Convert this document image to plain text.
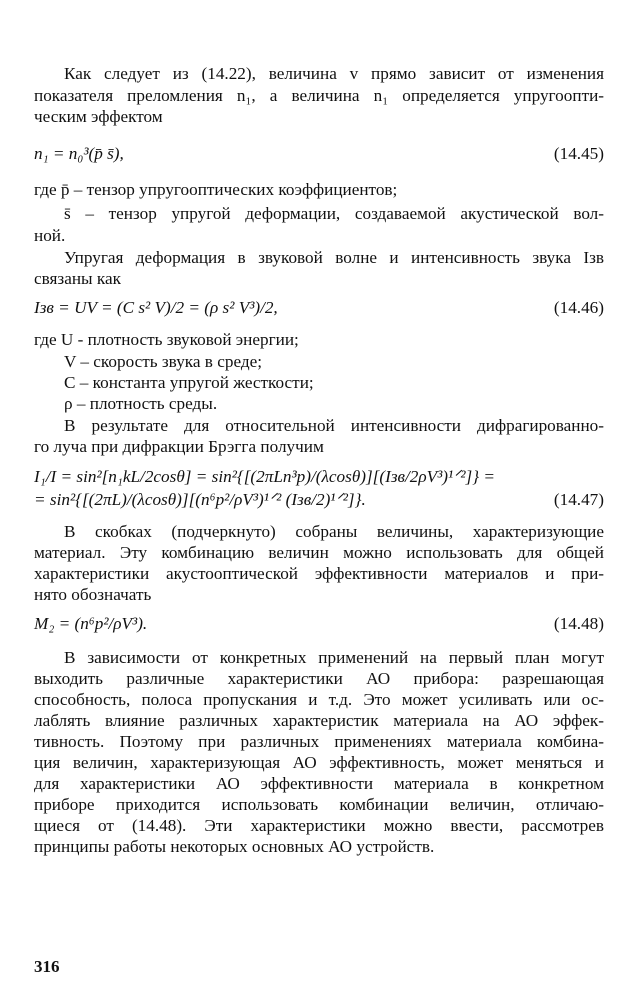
Как следует из (14.22), величина v прямо зависит от изменения
показателя преломления n₁, а величина n₁ определяется упругоопти-
ческим эффектом
n₁ = n₀³(p̄ s̄),	(14.45)
где p̄ – тензор упругооптических коэффициентов;
s̄ – тензор упругой деформации, создаваемой акустической вол-
ной.
Упругая деформация в звуковой волне и интенсивность звука Iзв
связаны как
Iзв = UV = (C s² V)/2 = (ρ s² V³)/2,	(14.46)
где U - плотность звуковой энергии;
V – скорость звука в среде;
C – константа упругой жесткости;
ρ – плотность среды.
В результате для относительной интенсивности дифрагированно-
го луча при дифракции Брэгга получим
I₁/I = sin²[n₁kL/2cosθ] = sin²{[(2πLn³p)/(λcosθ)][(Iзв/2ρV³)¹ᐟ²]} =
= sin²{[(2πL)/(λcosθ)][(n⁶p²/ρV³)¹ᐟ² (Iзв/2)¹ᐟ²]}.	(14.47)
В скобках (подчеркнуто) собраны величины, характеризующие
материал. Эту комбинацию величин можно использовать для общей
характеристики акустооптической эффективности материалов и при-
нято обозначать
M₂ = (n⁶p²/ρV³).	(14.48)
В зависимости от конкретных применений на первый план могут
выходить различные характеристики АО прибора: разрешающая
способность, полоса пропускания и т.д. Это может усиливать или ос-
лаблять влияние различных характеристик материала на АО эффек-
тивность. Поэтому при различных применениях материала комбина-
ция величин, характеризующая АО эффективность, может меняться и
для характеристики АО эффективности материала в конкретном
приборе приходится использовать комбинации величин, отличаю-
щиеся от (14.48). Эти характеристики можно ввести, рассмотрев
принципы работы некоторых основных АО устройств.
316
